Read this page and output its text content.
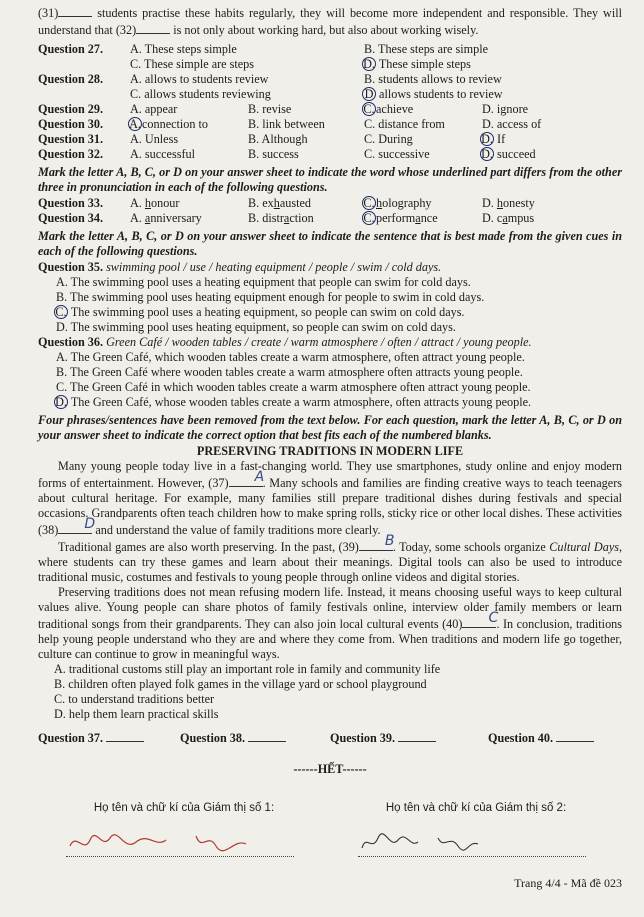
(31)	students practise these habits regularly, they will become more independent and responsible. They will understand that (32)	is not only about working hard, but also about working wisely.

Question 27.	A. These steps simple	B. These steps are simple
C. These simple are steps	D. These simple steps
Question 28.	A. allows to students review	B. students allows to review
C. allows students reviewing	D allows students to review
Question 29.	A. appear	B. revise	C.achieve	D. ignore
Question 30.	A.connection to	B. link between	C. distance from	D. access of
Question 31.	A. Unless	B. Although	C. During	D. If
Question 32.	A. successful	B. success	C. successive	D. succeed

Mark the letter A, B, C, or D on your answer sheet to indicate the word whose underlined part differs from the other three in pronunciation in each of the following questions.

Question 33.	A. honour	B. exhausted	C.holography	D. honesty
Question 34.	A. anniversary	B. distraction	C.performance	D. campus

Mark the letter A, B, C, or D on your answer sheet to indicate the sentence that is best made from the given cues in each of the following questions.

Question 35. swimming pool / use / heating equipment / people / swim / cold days.
A. The swimming pool uses a heating equipment that people can swim for cold days.
B. The swimming pool uses heating equipment enough for people to swim in cold days.
C. The swimming pool uses a heating equipment, so people can swim on cold days.
D. The swimming pool uses heating equipment, so people can swim on cold days.
Question 36. Green Café / wooden tables / create / warm atmosphere / often / attract / young people.
A. The Green Café, which wooden tables create a warm atmosphere, often attract young people.
B. The Green Café where wooden tables create a warm atmosphere often attracts young people.
C. The Green Café in which wooden tables create a warm atmosphere often attract young people.
D. The Green Café, whose wooden tables create a warm atmosphere, often attracts young people.

Four phrases/sentences have been removed from the text below. For each question, mark the letter A, B, C, or D on your answer sheet to indicate the correct option that best fits each of the numbered blanks.

PRESERVING TRADITIONS IN MODERN LIFE

Many young people today live in a fast-changing world. They use smartphones, study online and enjoy modern forms of entertainment. However, (37)	A
. Many schools and families are finding creative ways to teach teenagers about cultural heritage. For example, many families still prepare traditional dishes during festivals and special occasions. Grandparents often teach children how to make spring rolls, sticky rice or other local dishes. These activities (38)	D and understand the value of family traditions more clearly.

Traditional games are also worth preserving. In the past, (39)	B
. Today, some schools organize Cultural Days, where students can try these games and learn about their meanings. Digital tools can also be used to introduce traditional music, costumes and festivals to young people through online videos and digital stories.

Preserving traditions does not mean refusing modern life. Instead, it means choosing useful ways to keep cultural values alive. Young people can share photos of family festivals online, interview older family members or learn traditional songs from their grandparents. They can also join local cultural events (40)	C
. In conclusion, traditions help young people understand who they are and where they come from. When traditions and modern life go together, culture can continue to grow in meaningful ways.

A. traditional customs still play an important role in family and community life
B. children often played folk games in the village yard or school playground
C. to understand traditions better
D. help them learn practical skills
Question 37.	Question 38.	Question 39.	Question 40.
------HẾT------
Họ tên và chữ kí của Giám thị số 1:	Họ tên và chữ kí của Giám thị số 2:
Trang 4/4 - Mã đề 023
